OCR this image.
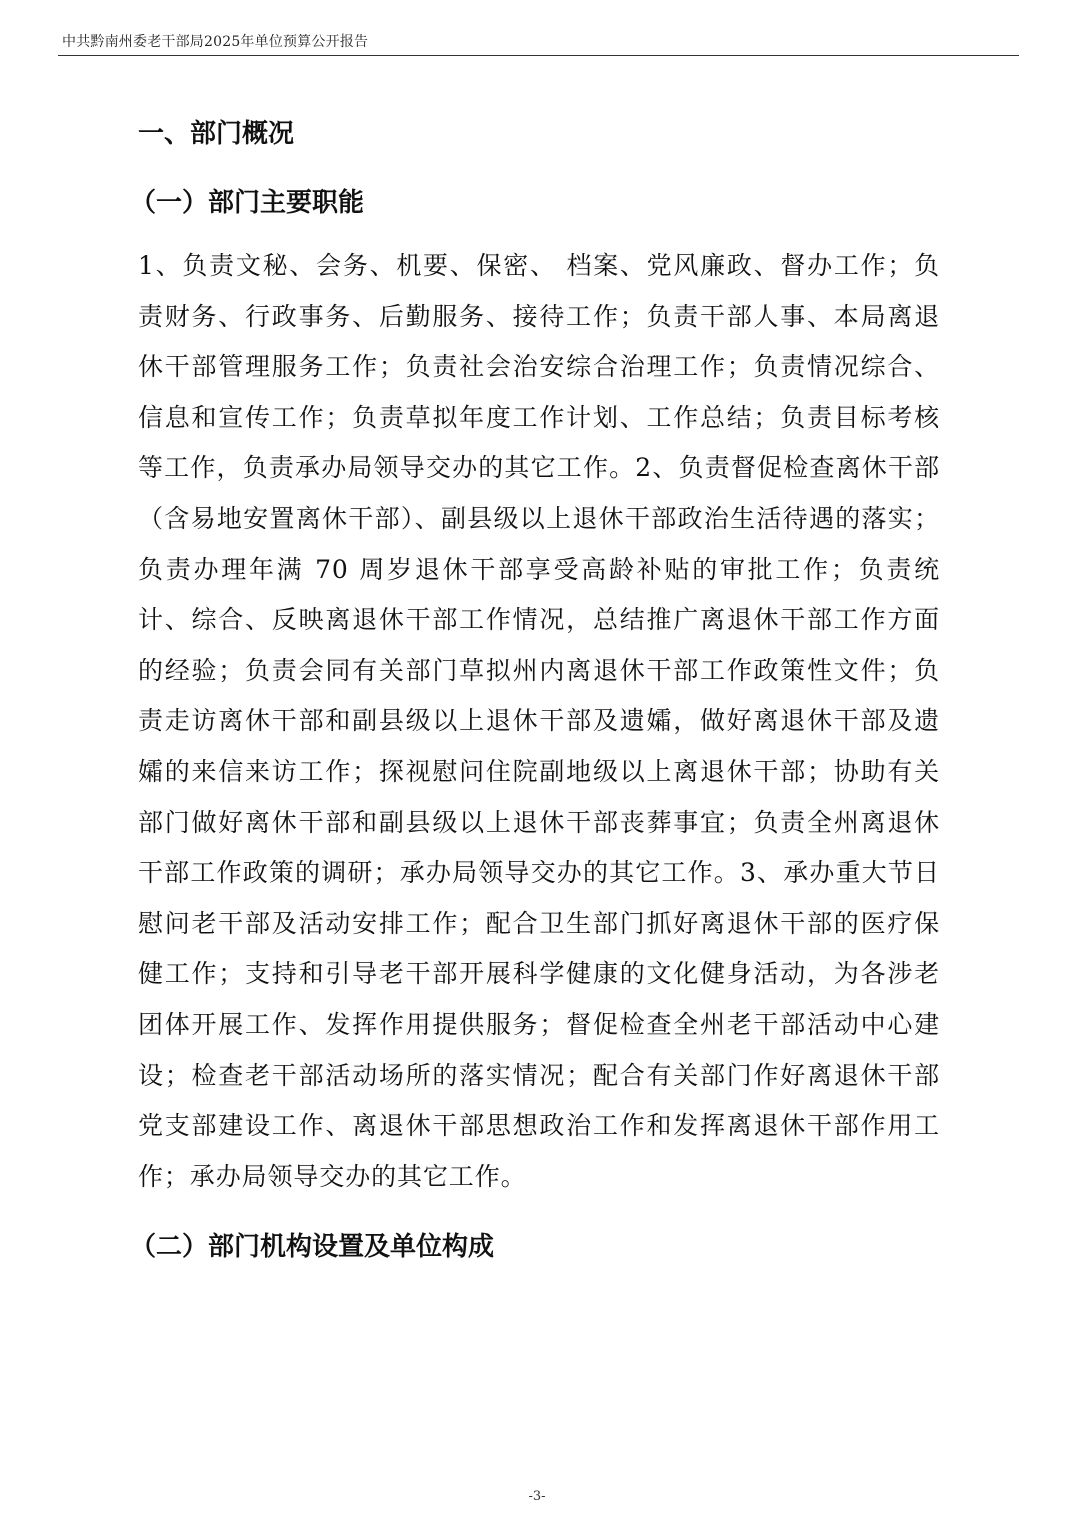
中共黔南州委老干部局2025年单位预算公开报告
一、部门概况
（一）部门主要职能

1、负责文秘、会务、机要、保密、 档案、党风廉政、督办工作；负责财务、行政事务、后勤服务、接待工作；负责干部人事、本局离退休干部管理服务工作；负责社会治安综合治理工作；负责情况综合、信息和宣传工作；负责草拟年度工作计划、工作总结；负责目标考核等工作，负责承办局领导交办的其它工作。2、负责督促检查离休干部（含易地安置离休干部）、副县级以上退休干部政治生活待遇的落实；负责办理年满 70 周岁退休干部享受高龄补贴的审批工作；负责统计、综合、反映离退休干部工作情况，总结推广离退休干部工作方面的经验；负责会同有关部门草拟州内离退休干部工作政策性文件；负责走访离休干部和副县级以上退休干部及遗孀，做好离退休干部及遗孀的来信来访工作；探视慰问住院副地级以上离退休干部；协助有关部门做好离休干部和副县级以上退休干部丧葬事宜；负责全州离退休干部工作政策的调研；承办局领导交办的其它工作。3、承办重大节日慰问老干部及活动安排工作；配合卫生部门抓好离退休干部的医疗保健工作；支持和引导老干部开展科学健康的文化健身活动，为各涉老团体开展工作、发挥作用提供服务；督促检查全州老干部活动中心建设；检查老干部活动场所的落实情况；配合有关部门作好离退休干部党支部建设工作、离退休干部思想政治工作和发挥离退休干部作用工作；承办局领导交办的其它工作。

（二）部门机构设置及单位构成
-3-
